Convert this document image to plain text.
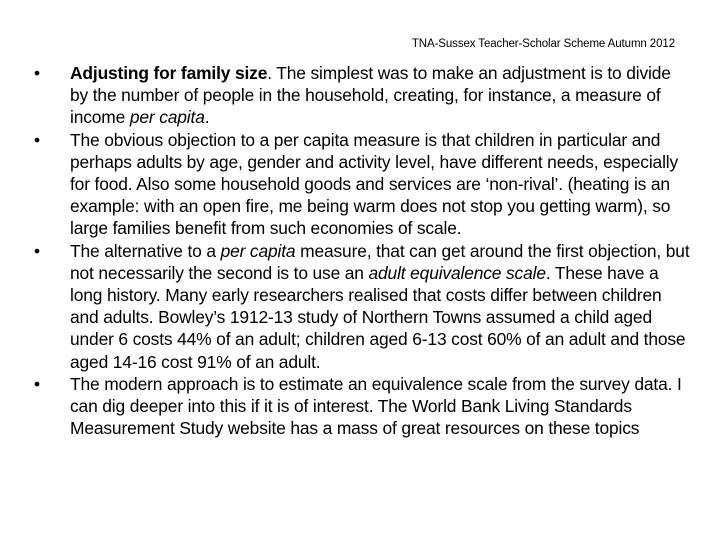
TNA-Sussex Teacher-Scholar Scheme Autumn 2012
• Adjusting for family size. The simplest was to make an adjustment is to divide by the number of people in the household, creating, for instance, a measure of income per capita.
• The obvious objection to a per capita measure is that children in particular and perhaps adults by age, gender and activity level, have different needs, especially for food. Also some household goods and services are ‘non-rival’. (heating is an example: with an open fire, me being warm does not stop you getting warm), so large families benefit from such economies of scale.
• The alternative to a per capita measure, that can get around the first objection, but not necessarily the second is to use an adult equivalence scale. These have a long history. Many early researchers realised that costs differ between children and adults. Bowley’s 1912-13 study of Northern Towns assumed a child aged under 6 costs 44% of an adult; children aged 6-13 cost 60% of an adult and those aged 14-16 cost 91% of an adult.
• The modern approach is to estimate an equivalence scale from the survey data. I can dig deeper into this if it is of interest. The World Bank Living Standards Measurement Study website has a mass of great resources on these topics
